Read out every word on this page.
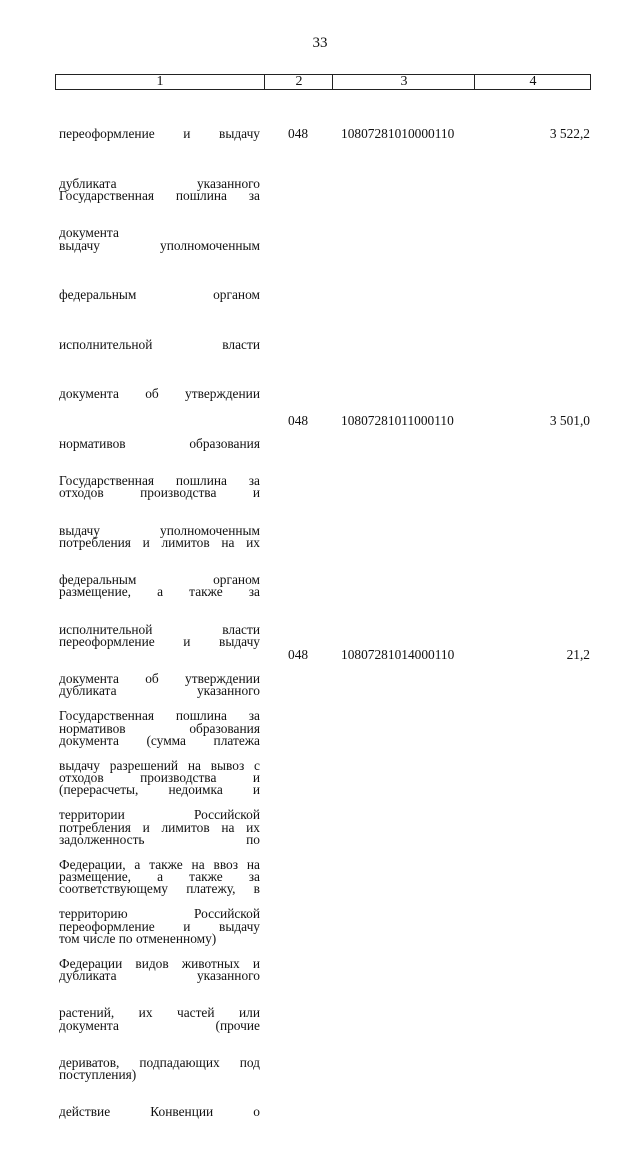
33
1	2	3	4

переоформление и выдачу

дубликата указанного

документа

048 10807281010000110	3 522,2

Государственная пошлина за

выдачу уполномоченным

федеральным органом

исполнительной власти

документа об утверждении

нормативов образования

отходов производства и

потребления и лимитов на их

размещение, а также за

переоформление и выдачу

дубликата указанного

документа (сумма платежа

(перерасчеты, недоимка и

задолженность по

соответствующему платежу, в

том числе по отмененному)

048 10807281011000110	3 501,0

Государственная пошлина за

выдачу уполномоченным

федеральным органом

исполнительной власти

документа об утверждении

нормативов образования

отходов производства и

потребления и лимитов на их

размещение, а также за

переоформление и выдачу

дубликата указанного

документа (прочие

поступления)

048 10807281014000110	21,2

Государственная пошлина за

выдачу разрешений на вывоз с

территории Российской

Федерации, а также на ввоз на

территорию Российской

Федерации видов животных и

растений, их частей или

дериватов, подпадающих под

действие Конвенции о
